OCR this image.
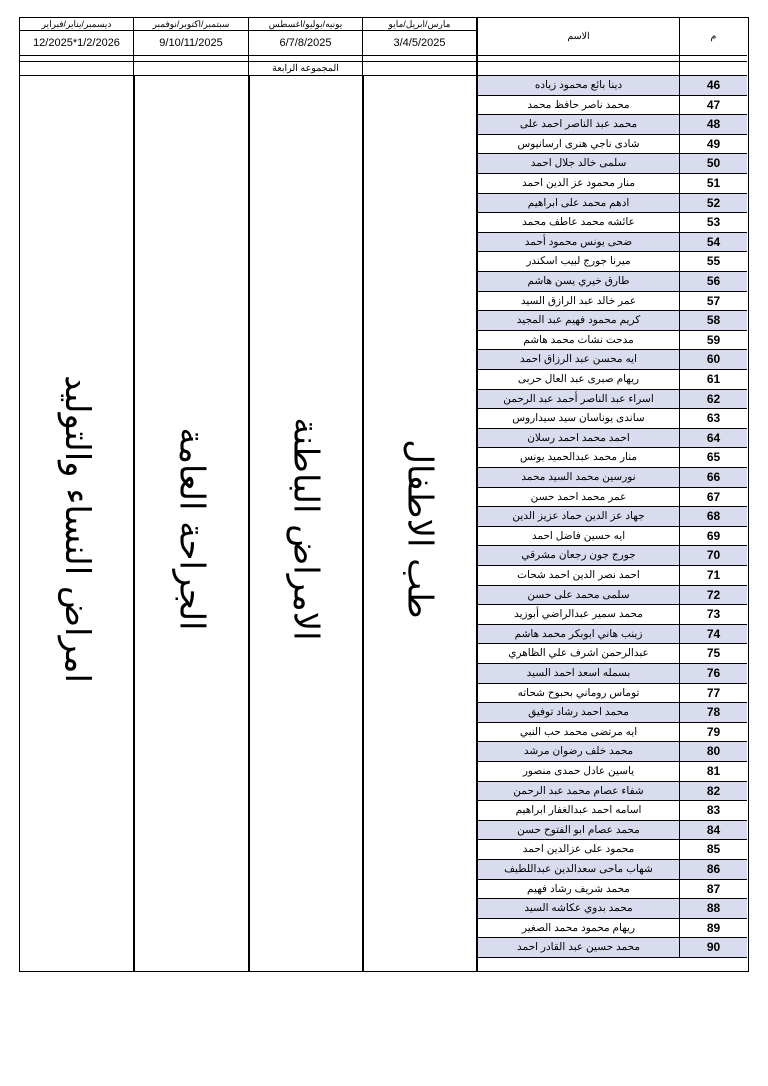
ديسمبر/يناير/فبراير	سبتمبر/اكتوبر/نوفمبر	يونيه/يوليو/اغسطس	مارس/ابريل/مايو
12/2025*1/2/2026	9/10/11/2025	6/7/8/2025	3/4/5/2025
الاسم	م
المجموعه الرابعة
طب الاطفال
الامراض الباطنة
الجراحة العامة
امراض النساء والتوليد
دينا بائع محمود زياده	46
محمد ناصر حافظ محمد	47
محمد عبد الناصر احمد على	48
شادى ناجي هنرى ارسانيوس	49
سلمى خالد جلال احمد	50
منار محمود عز الدين احمد	51
ادهم محمد على ابراهيم	52
عائشه محمد عاطف محمد	53
ضحى يونس محمود أحمد	54
ميرنا جورج لبيب اسكندر	55
طارق خيري يسن هاشم	56
عمر خالد عبد الرازق السيد	57
كريم محمود فهيم عبد المجيد	58
مدحت نشات محمد هاشم	59
ايه محسن عبد الرزاق احمد	60
ريهام صبرى عبد العال حربى	61
اسراء عبد الناصر أحمد عبد الرحمن	62
ساندى يوناسان سيد سيداروس	63
احمد محمد احمد رسلان	64
منار محمد عبدالحميد يونس	65
نورسين محمد السيد محمد	66
عمر محمد احمد حسن	67
جهاد عز الدين حماد عزيز الدين	68
ايه حسين فاضل احمد	69
جورج جون رجعان مشرقي	70
احمد نصر الدين احمد شحات	71
سلمى محمد على حسن	72
محمد سمير عبدالراضي أبوزيد	73
زينب هاني ابوبكر محمد هاشم	74
عبدالرحمن اشرف علي الظاهري	75
بسمله اسعد احمد السيد	76
توماس روماني بحبوح شحاته	77
محمد احمد رشاد توفيق	78
ايه مرتضى محمد حب النبي	79
محمد خلف رضوان مرشد	80
ياسين عادل حمدى منصور	81
شفاء عصام محمد عبد الرحمن	82
اسامه احمد عبدالغفار ابراهيم	83
محمد عصام ابو الفتوح حسن	84
محمود على عزالدين احمد	85
شهاب ماحى سعدالدين عبداللطيف	86
محمد شريف رشاد فهيم	87
محمد بدوي عكاشه السيد	88
ريهام محمود محمد الصغير	89
محمد حسين عبد القادر احمد	90
